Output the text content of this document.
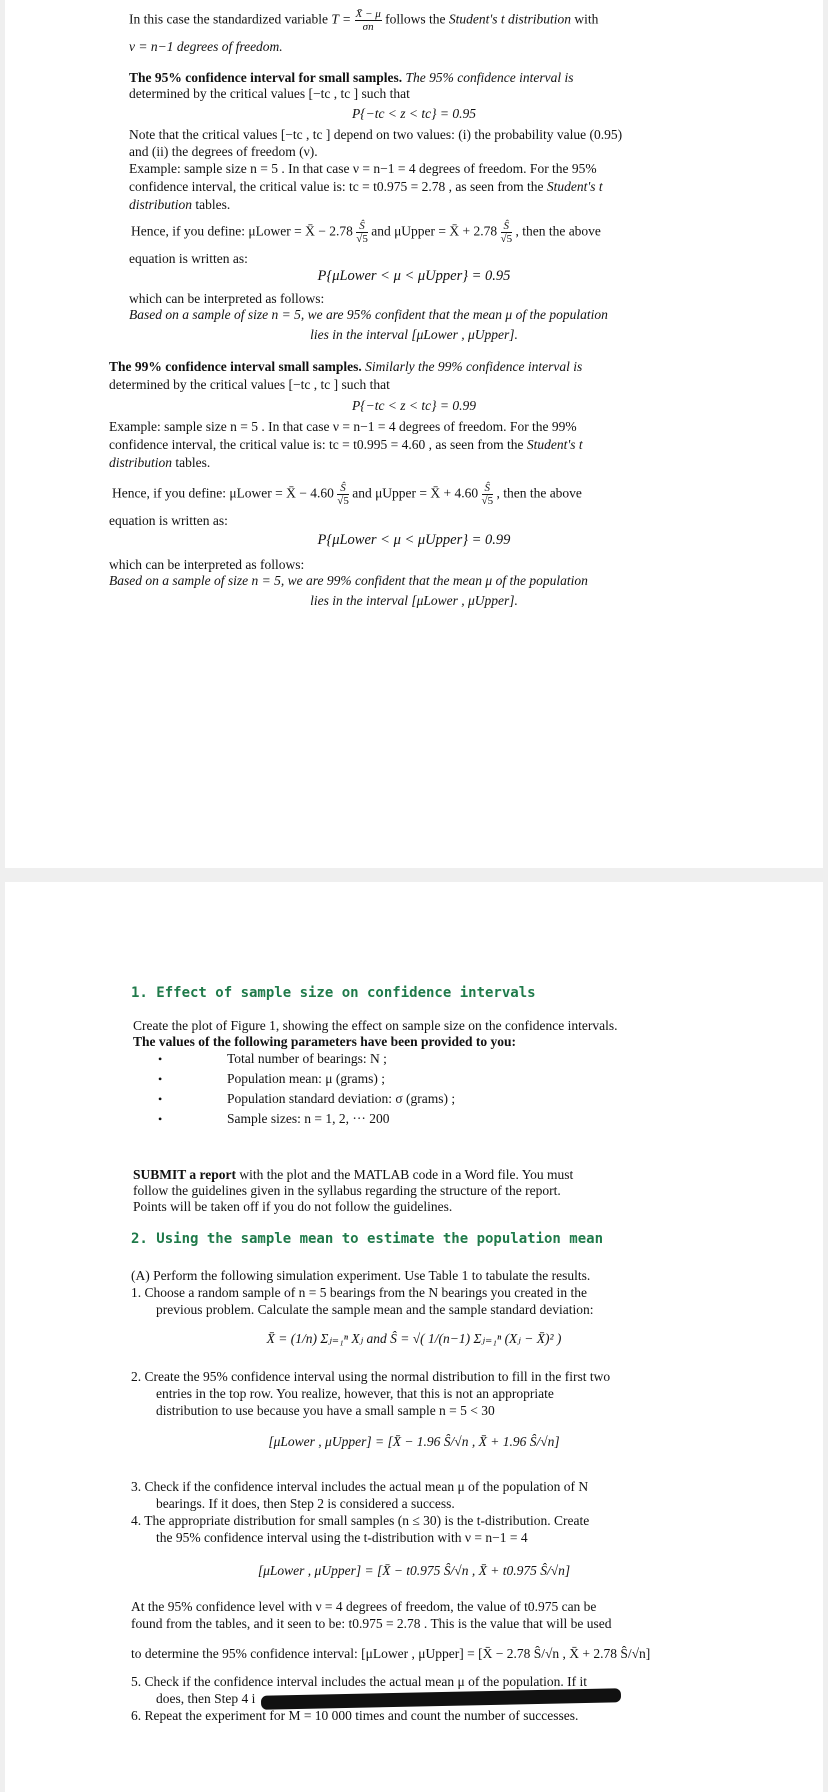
In this case the standardized variable $T = \frac{X̄ - \mu}{\sigma n}$ follows the Student's t distribution with
ν = n−1 degrees of freedom.
The 95% confidence interval for small samples. The 95% confidence interval is
determined by the critical values [−tc , tc ] such that
P{−tc < z < tc} = 0.95
Note that the critical values [−tc , tc ] depend on two values: (i) the probability value (0.95)
and (ii) the degrees of freedom (ν).
Example: sample size n = 5 . In that case ν = n−1 = 4 degrees of freedom. For the 95%
confidence interval, the critical value is: tc = t0.975 = 2.78 , as seen from the Student's t
distribution tables.
Hence, if you define: μLower = X̄ − $2.78 \frac{Ŝ}{√5}$ and μUpper = X̄ + $2.78 \frac{Ŝ}{√5}$ , then the above
equation is written as:
P{μLower < μ < μUpper} = 0.95
which can be interpreted as follows:
Based on a sample of size n = 5, we are 95% confident that the mean μ of the population
lies in the interval [μLower , μUpper].
The 99% confidence interval small samples. Similarly the 99% confidence interval is
determined by the critical values [−tc , tc ] such that
P{−tc < z < tc} = 0.99
Example: sample size n = 5 . In that case ν = n−1 = 4 degrees of freedom. For the 99%
confidence interval, the critical value is: tc = t0.995 = 4.60 , as seen from the Student's t
distribution tables.
Hence, if you define: μLower = X̄ − $4.60 \frac{Ŝ}{√5}$ and μUpper = X̄ + $4.60 \frac{Ŝ}{√5}$ , then the above
equation is written as:
P{μLower < μ < μUpper} = 0.99
which can be interpreted as follows:
Based on a sample of size n = 5, we are 99% confident that the mean μ of the population
lies in the interval [μLower , μUpper].
1. Effect of sample size on confidence intervals
Create the plot of Figure 1, showing the effect on sample size on the confidence intervals.
The values of the following parameters have been provided to you:
•	Total number of bearings: N ;
•	Population mean: μ (grams) ;
•	Population standard deviation: σ (grams) ;
•	Sample sizes: n = 1, 2, ··· 200
SUBMIT a report with the plot and the MATLAB code in a Word file. You must
follow the guidelines given in the syllabus regarding the structure of the report.
Points will be taken off if you do not follow the guidelines.
2. Using the sample mean to estimate the population mean
(A) Perform the following simulation experiment. Use Table 1 to tabulate the results.
1. Choose a random sample of n = 5 bearings from the N bearings you created in the
previous problem. Calculate the sample mean and the sample standard deviation:
X̄ = (1/n) Σⱼ₌₁ⁿ Xⱼ and Ŝ = √( 1/(n−1) Σⱼ₌₁ⁿ (Xⱼ − X̄)² )
2. Create the 95% confidence interval using the normal distribution to fill in the first two
entries in the top row. You realize, however, that this is not an appropriate
distribution to use because you have a small sample n = 5 < 30
[μLower , μUpper] = [X̄ − 1.96 Ŝ/√n , X̄ + 1.96 Ŝ/√n]
3. Check if the confidence interval includes the actual mean μ of the population of N
bearings. If it does, then Step 2 is considered a success.
4. The appropriate distribution for small samples (n ≤ 30) is the t-distribution. Create
the 95% confidence interval using the t-distribution with ν = n−1 = 4
[μLower , μUpper] = [X̄ − t0.975 Ŝ/√n , X̄ + t0.975 Ŝ/√n]
At the 95% confidence level with ν = 4 degrees of freedom, the value of t0.975 can be
found from the tables, and it seen to be: t0.975 = 2.78 . This is the value that will be used
to determine the 95% confidence interval: [μLower , μUpper] = [X̄ − 2.78 Ŝ/√n , X̄ + 2.78 Ŝ/√n]
5. Check if the confidence interval includes the actual mean μ of the population. If it
does, then Step 4 i
6. Repeat the experiment for M = 10 000 times and count the number of successes.
